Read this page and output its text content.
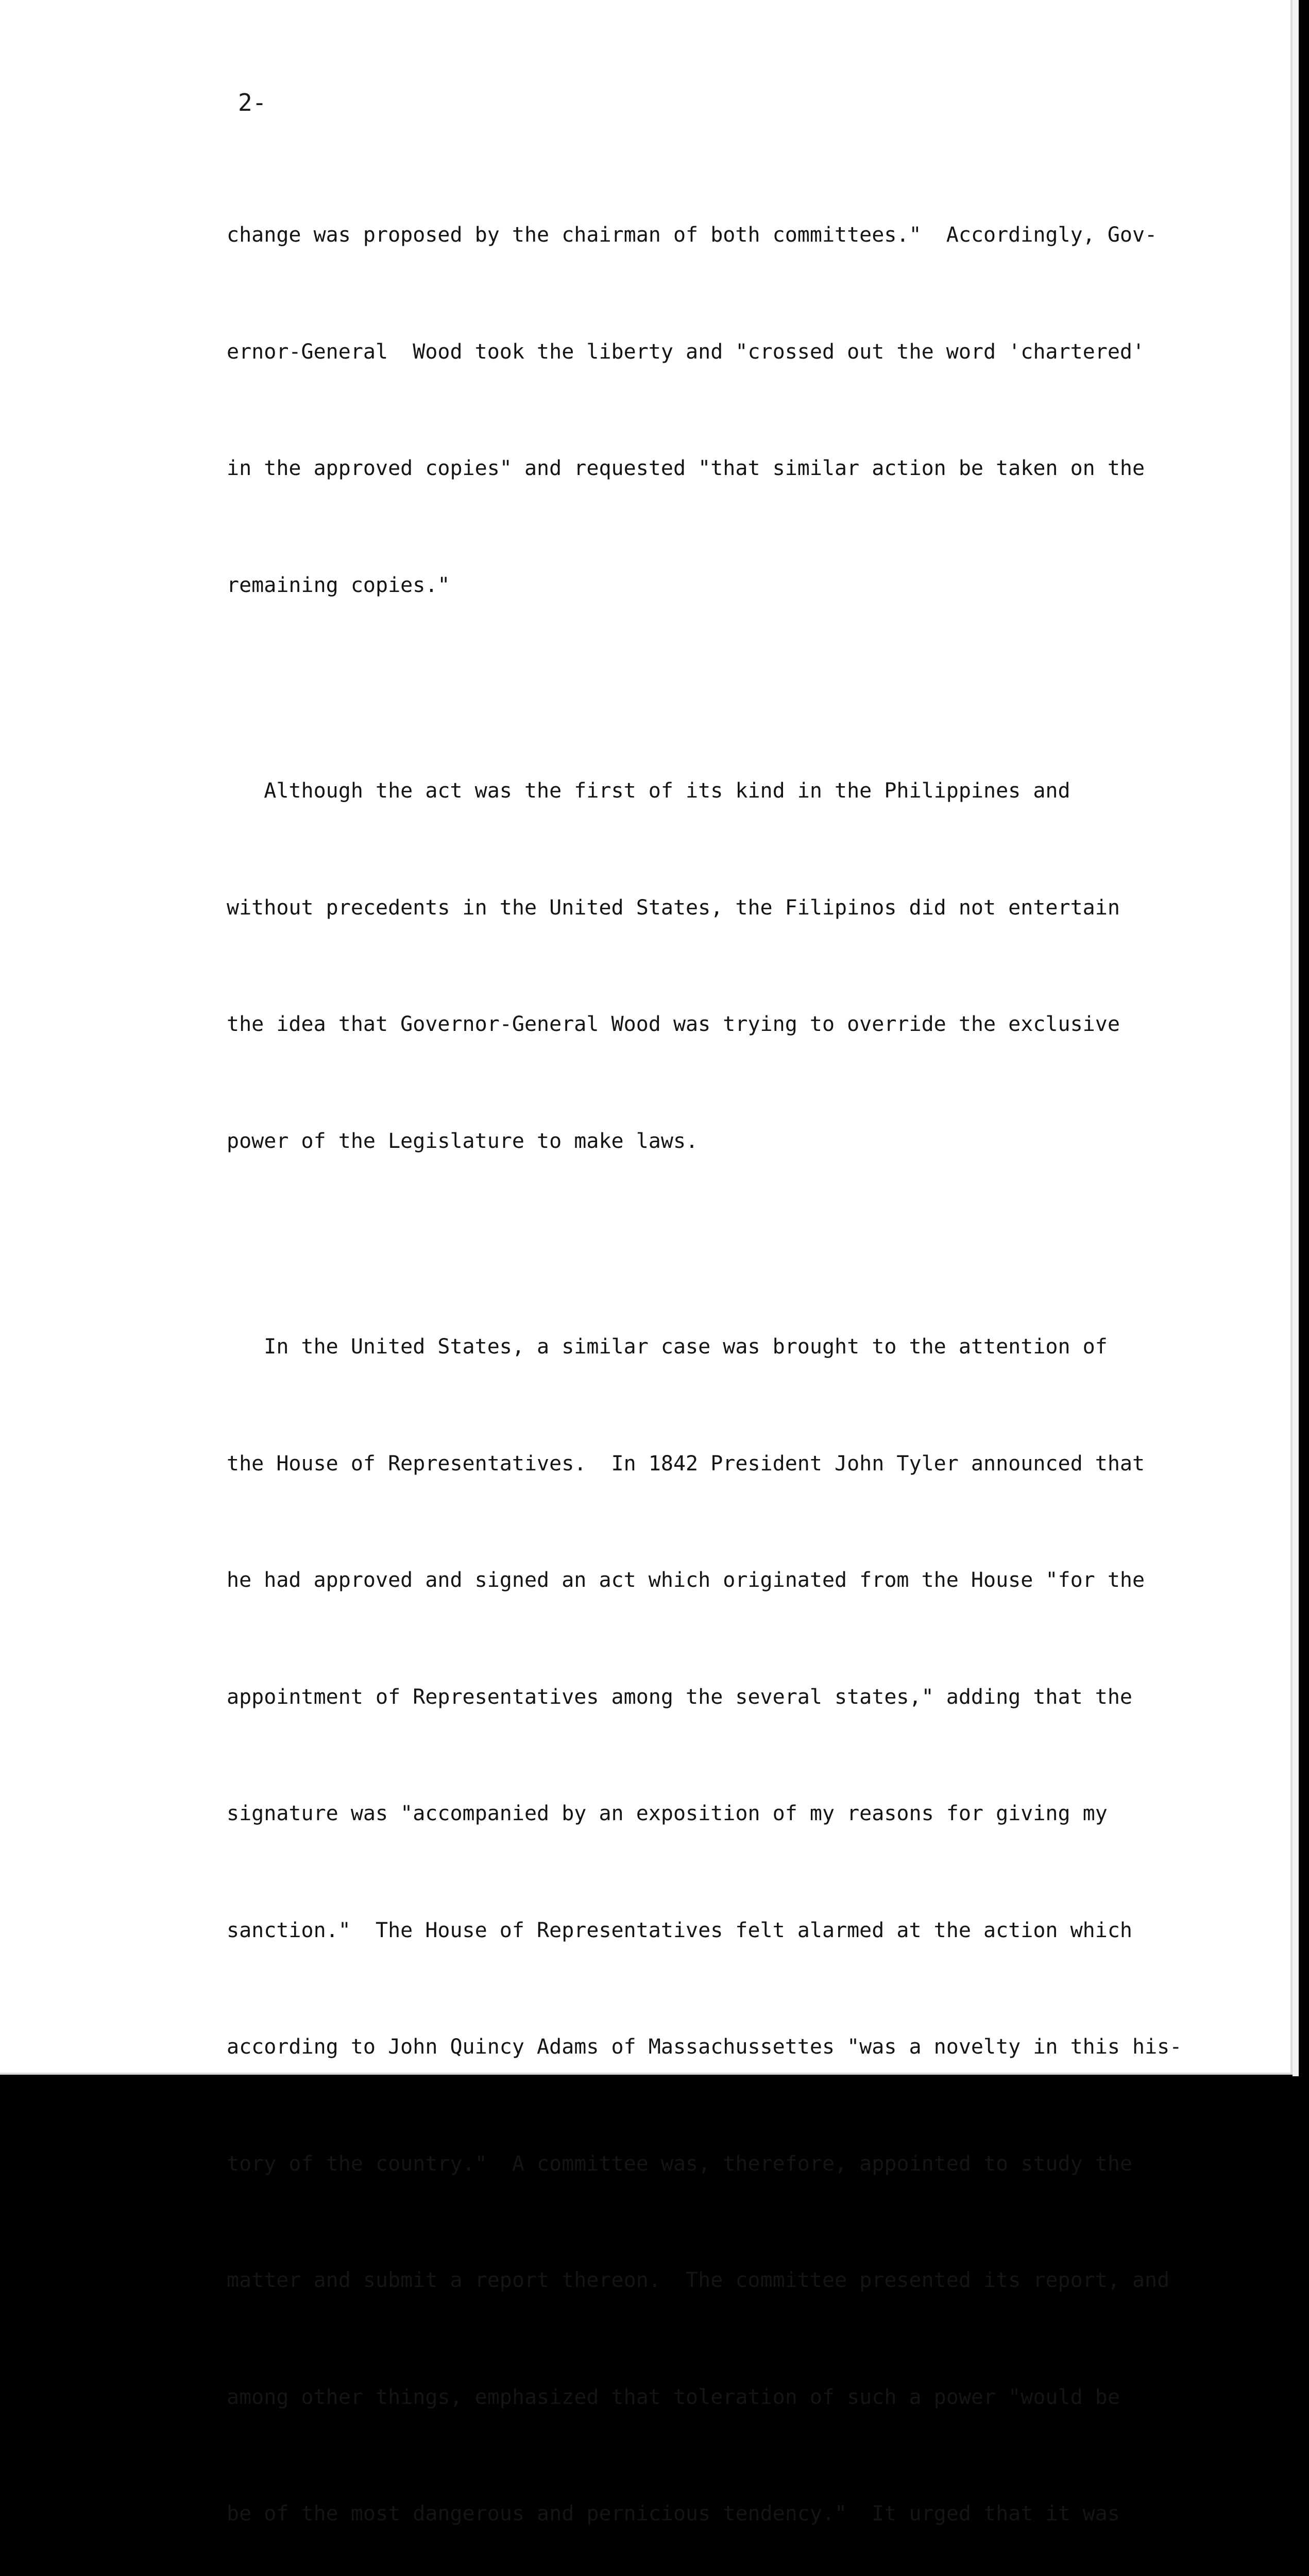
2-

change was proposed by the chairman of both committees."  Accordingly, Gov-

ernor-General  Wood took the liberty and "crossed out the word 'chartered'

in the approved copies" and requested "that similar action be taken on the

remaining copies."

Although the act was the first of its kind in the Philippines and

without precedents in the United States, the Filipinos did not entertain

the idea that Governor-General Wood was trying to override the exclusive

power of the Legislature to make laws.

In the United States, a similar case was brought to the attention of

the House of Representatives.  In 1842 President John Tyler announced that

he had approved and signed an act which originated from the House "for the

appointment of Representatives among the several states," adding that the

signature was "accompanied by an exposition of my reasons for giving my

sanction."  The House of Representatives felt alarmed at the action which

according to John Quincy Adams of Massachussettes "was a novelty in this his-

tory of the country."  A committee was, therefore, appointed to study the

matter and submit a report thereon.  The committee presented its report, and

among other things, emphasized that toleration of such a power "would be

be of the most dangerous and pernicious tendency."  It urged that it was
